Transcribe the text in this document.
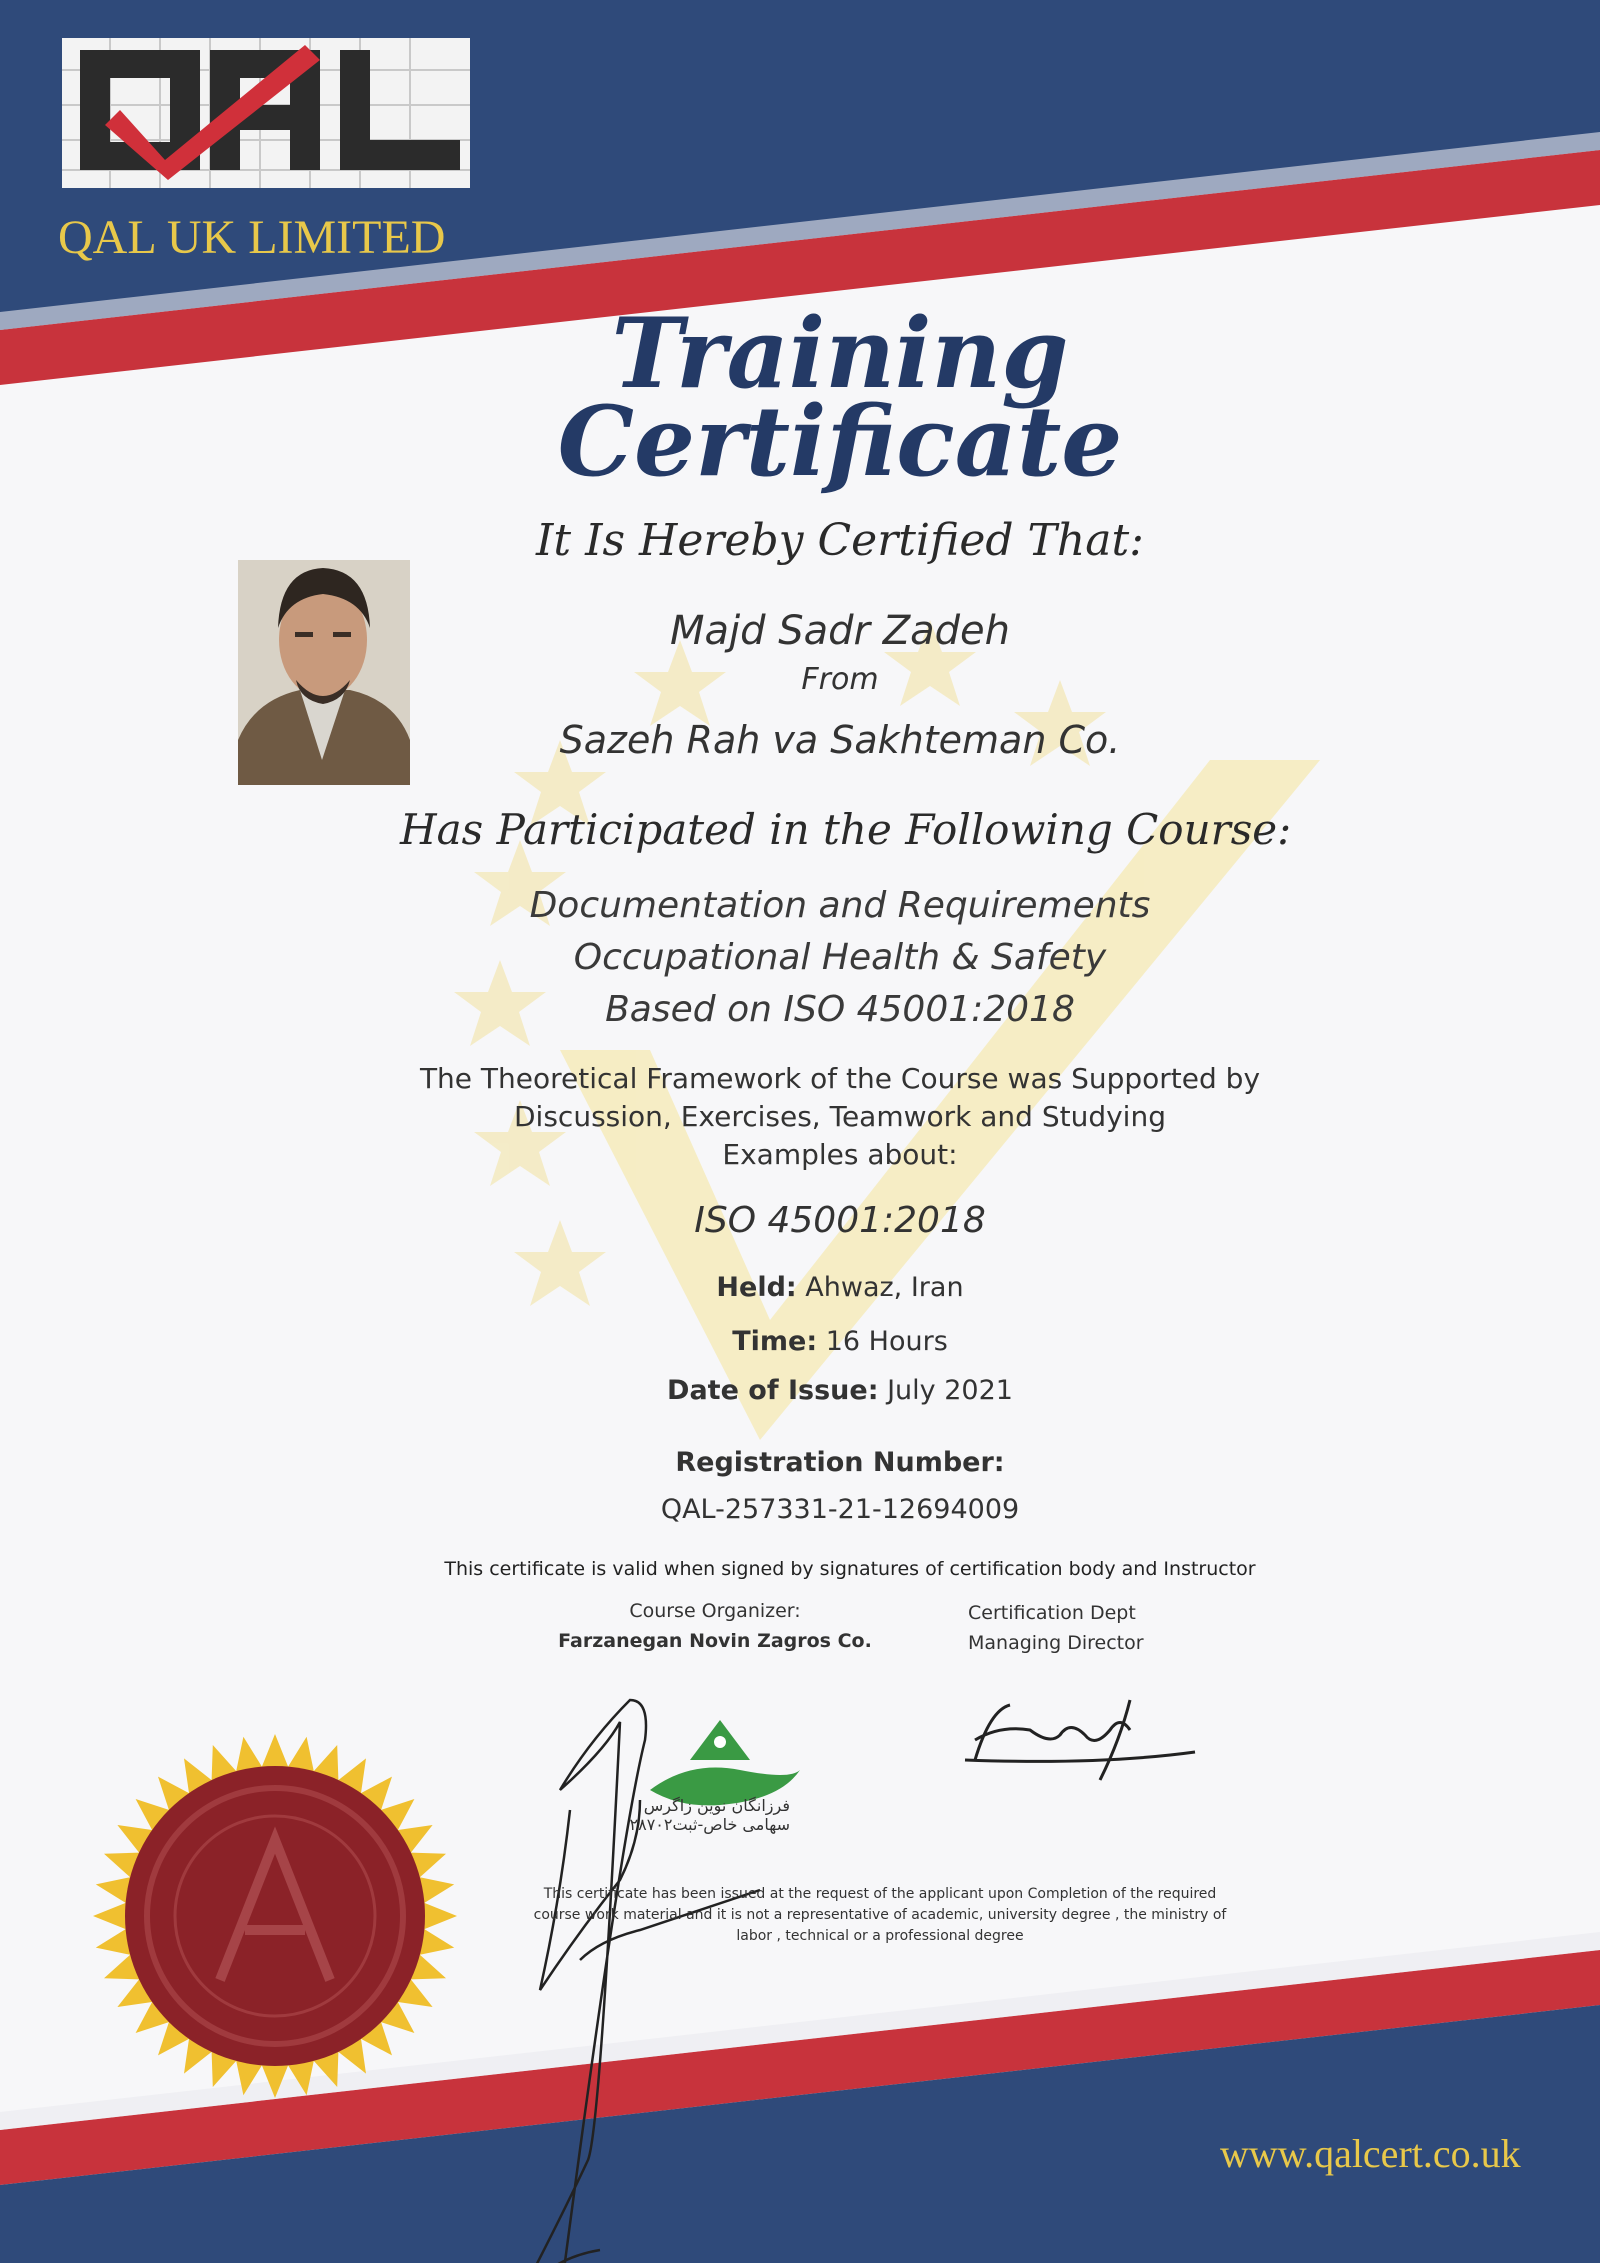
QAL UK LIMITED
Training
Certificate
It Is Hereby Certified That:
Majd Sadr Zadeh
From
Sazeh Rah va Sakhteman Co.
Has Participated in the Following Course:
Documentation and Requirements
Occupational Health & Safety
Based on ISO 45001:2018
The Theoretical Framework of the Course was Supported by
Discussion, Exercises, Teamwork and Studying
Examples about:
ISO 45001:2018
Held: Ahwaz, Iran
Time: 16 Hours
Date of Issue: July 2021
Registration Number:
QAL-257331-21-12694009
This certificate is valid when signed by signatures of certification body and Instructor
Course Organizer:
Farzanegan Novin Zagros Co.
Certification Dept
Managing Director
فرزانگان نوین زاگرس
سهامی خاص-ثبت۲۸۷۰۲
This certificate has been issued at the request of the applicant upon Completion of the required course work material and it is not a representative of academic, university degree , the ministry of labor , technical or a professional degree
www.qalcert.co.uk
